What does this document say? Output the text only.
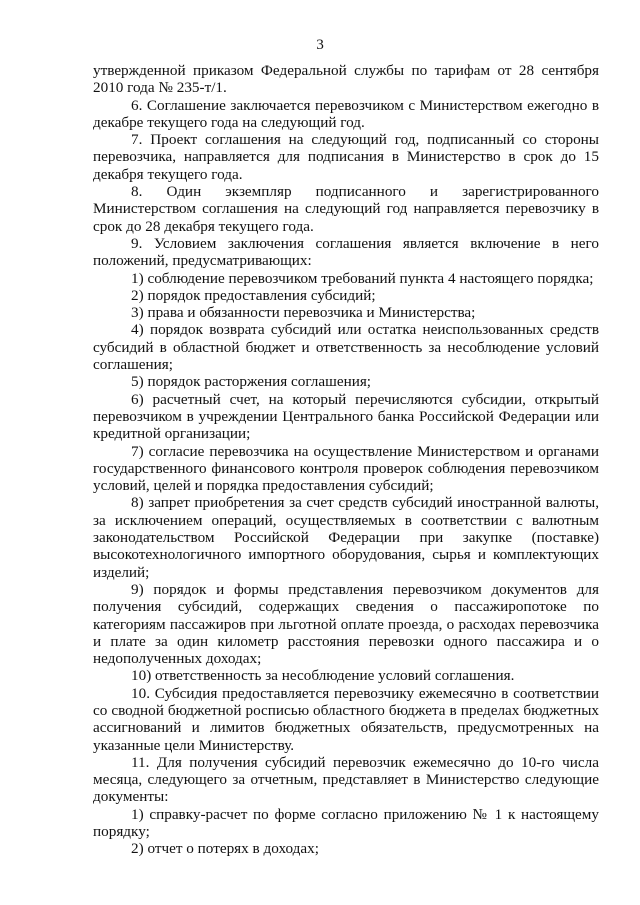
3

утвержденной приказом Федеральной службы по тарифам от 28 сентября 2010 года № 235-т/1.

6. Соглашение заключается перевозчиком с Министерством ежегодно в декабре текущего года на следующий год.

7. Проект соглашения на следующий год, подписанный со стороны перевозчика, направляется для подписания в Министерство в срок до 15 декабря текущего года.

8. Один экземпляр подписанного и зарегистрированного Министерством соглашения на следующий год направляется перевозчику в срок до 28 декабря текущего года.

9. Условием заключения соглашения является включение в него положений, предусматривающих:

1) соблюдение перевозчиком требований пункта 4 настоящего порядка;

2) порядок предоставления субсидий;

3) права и обязанности перевозчика и Министерства;

4) порядок возврата субсидий или остатка неиспользованных средств субсидий в областной бюджет и ответственность за несоблюдение условий соглашения;

5) порядок расторжения соглашения;

6) расчетный счет, на который перечисляются субсидии, открытый перевозчиком в учреждении Центрального банка Российской Федерации или кредитной организации;

7) согласие перевозчика на осуществление Министерством и органами государственного финансового контроля проверок соблюдения перевозчиком условий, целей и порядка предоставления субсидий;

8) запрет приобретения за счет средств субсидий иностранной валюты, за исключением операций, осуществляемых в соответствии с валютным законодательством Российской Федерации при закупке (поставке) высокотехнологичного импортного оборудования, сырья и комплектующих изделий;

9) порядок и формы представления перевозчиком документов для получения субсидий, содержащих сведения о пассажиропотоке по категориям пассажиров при льготной оплате проезда, о расходах перевозчика и плате за один километр расстояния перевозки одного пассажира и о недополученных доходах;

10) ответственность за несоблюдение условий соглашения.

10. Субсидия предоставляется перевозчику ежемесячно в соответствии со сводной бюджетной росписью областного бюджета в пределах бюджетных ассигнований и лимитов бюджетных обязательств, предусмотренных на указанные цели Министерству.

11. Для получения субсидий перевозчик ежемесячно до 10-го числа месяца, следующего за отчетным, представляет в Министерство следующие документы:

1) справку-расчет по форме согласно приложению № 1 к настоящему порядку;

2) отчет о потерях в доходах;
